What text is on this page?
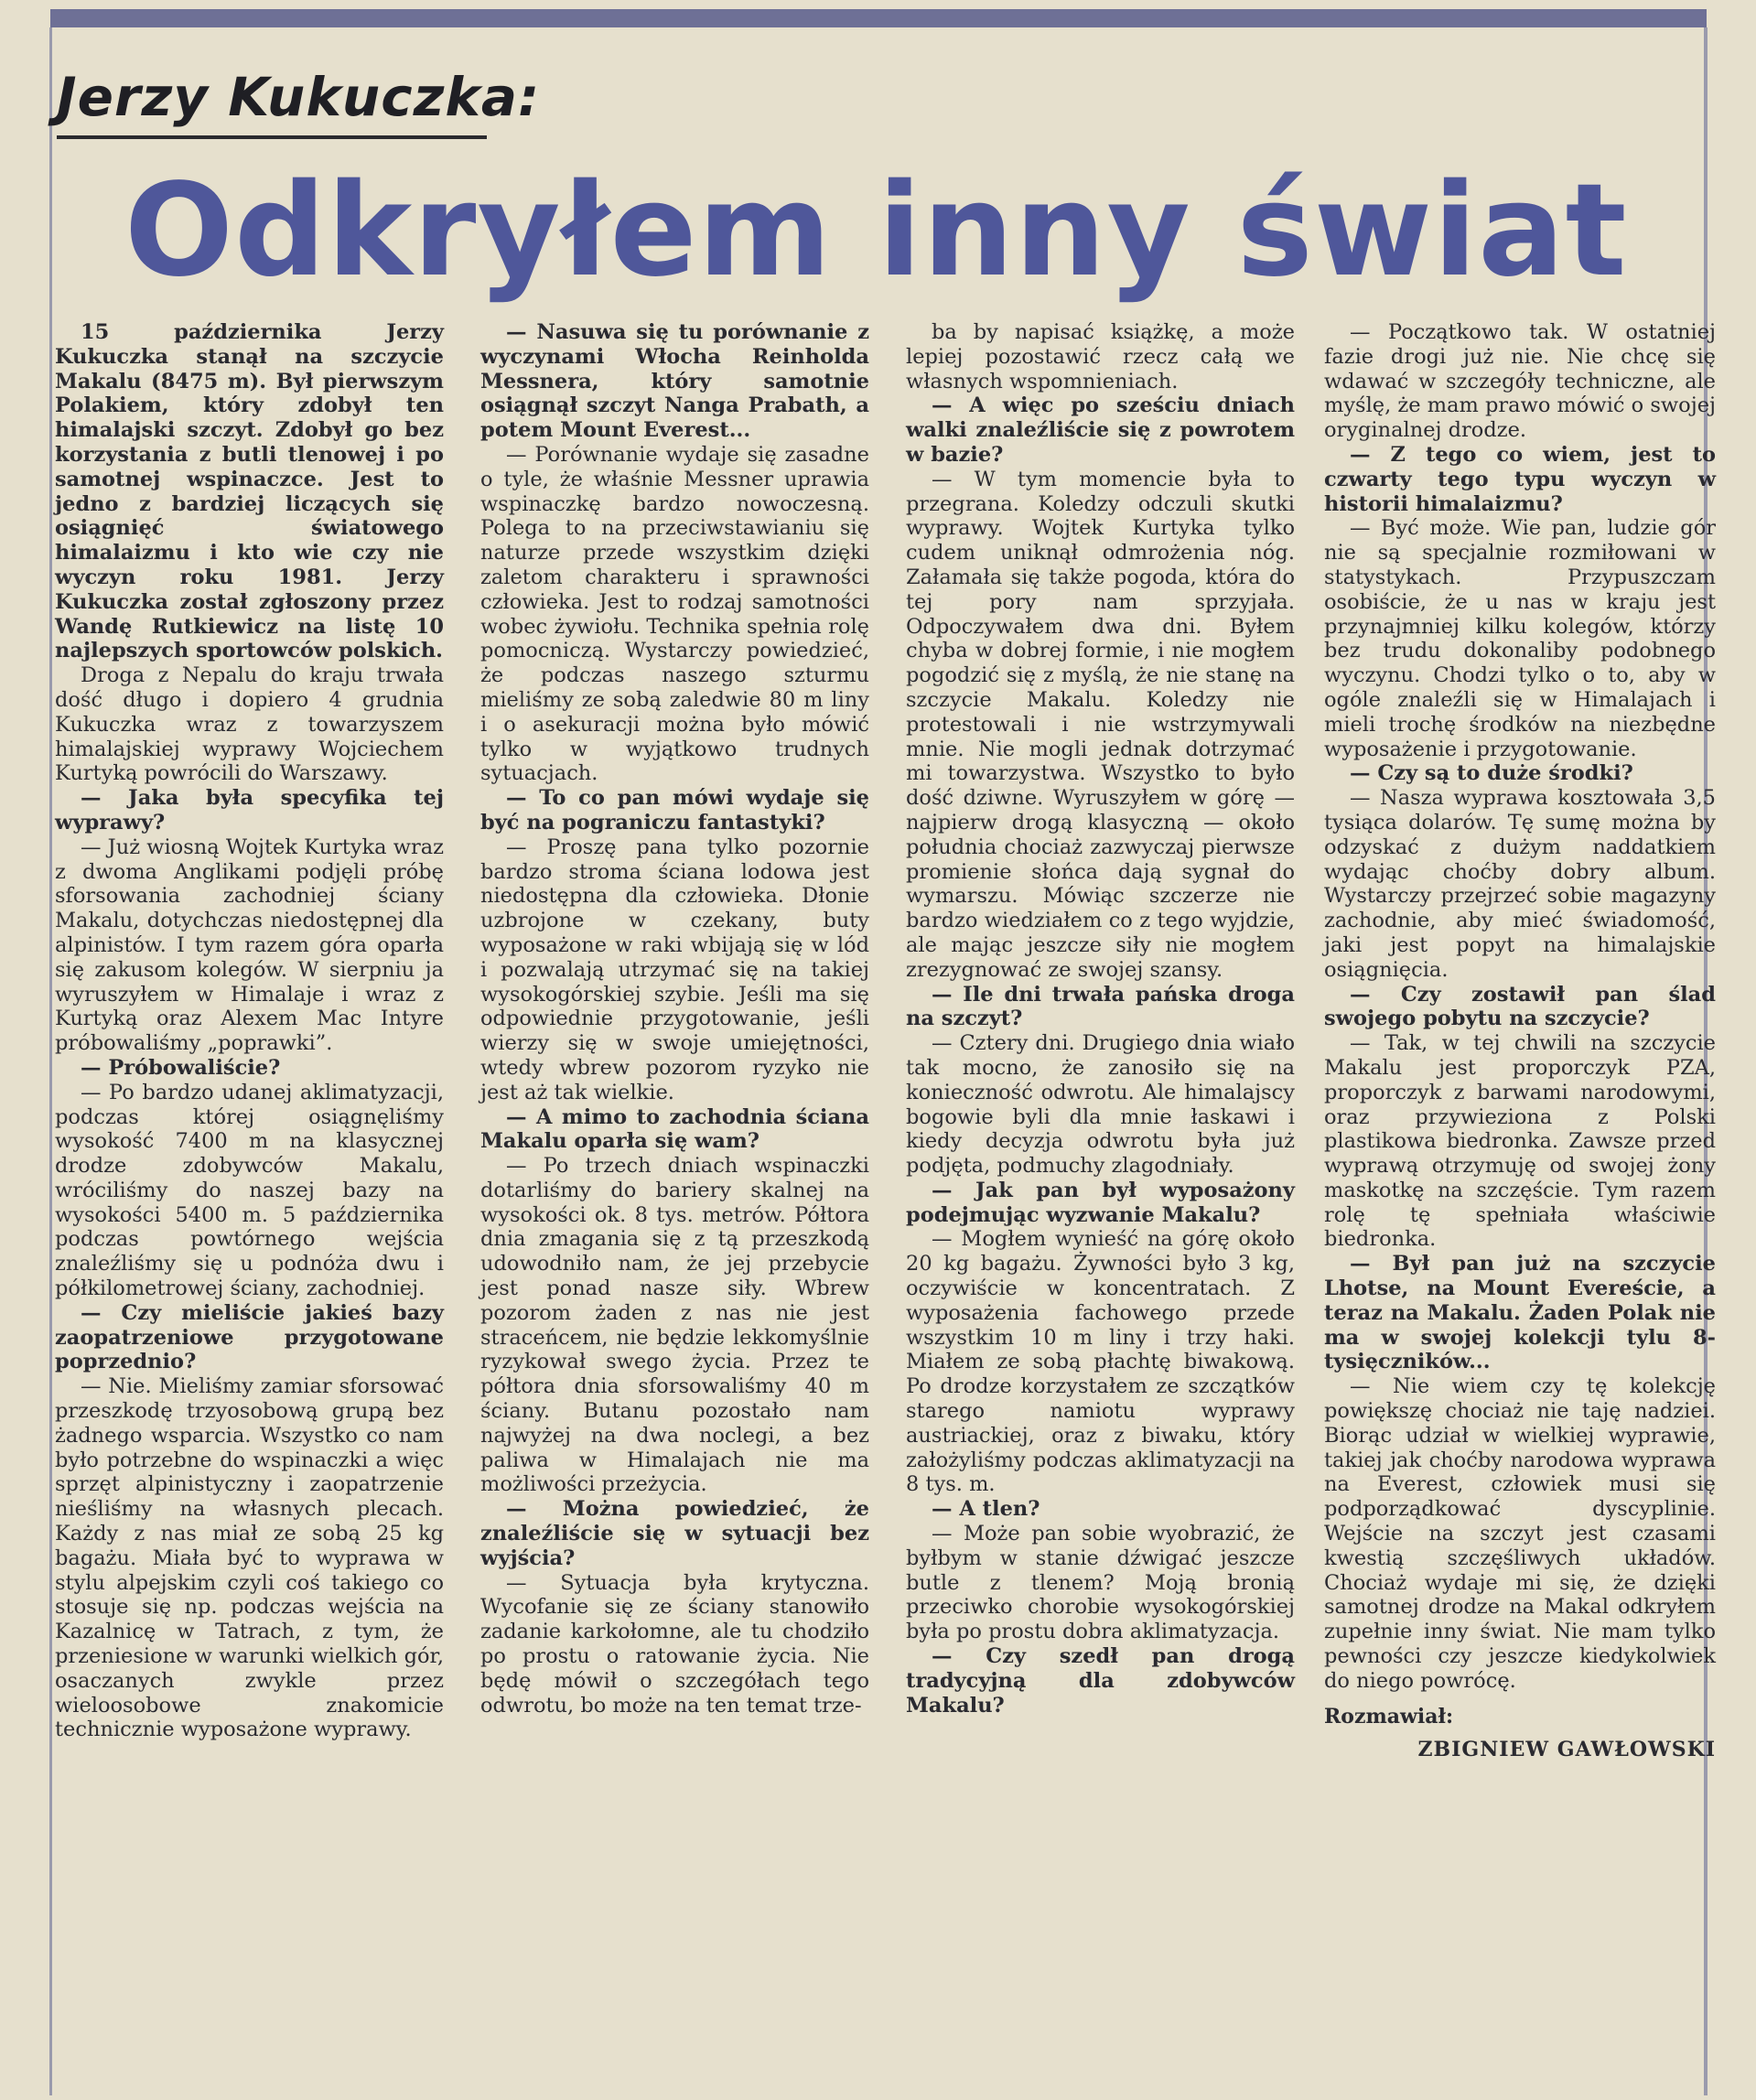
Jerzy Kukuczka:
Odkryłem inny świat

15 października Jerzy Kukuczka stanął na szczycie Makalu (8475 m). Był pierwszym Polakiem, który zdobył ten himalajski szczyt. Zdobył go bez korzystania z butli tlenowej i po samotnej wspinaczce. Jest to jedno z bardziej liczących się osiągnięć światowego himalaizmu i kto wie czy nie wyczyn roku 1981. Jerzy Kukuczka został zgłoszony przez Wandę Rutkiewicz na listę 10 najlepszych sportowców polskich.

Droga z Nepalu do kraju trwała dość długo i dopiero 4 grudnia Kukuczka wraz z towarzyszem himalajskiej wyprawy Wojciechem Kurtyką powrócili do Warszawy.

— Jaka była specyfika tej wyprawy?

— Już wiosną Wojtek Kurtyka wraz z dwoma Anglikami podjęli próbę sforsowania zachodniej ściany Makalu, dotychczas niedostępnej dla alpinistów. I tym razem góra oparła się zakusom kolegów. W sierpniu ja wyruszyłem w Himalaje i wraz z Kurtyką oraz Alexem Mac Intyre próbowaliśmy „poprawki”.

— Próbowaliście?

— Po bardzo udanej aklimatyzacji, podczas której osiągnęliśmy wysokość 7400 m na klasycznej drodze zdobywców Makalu, wróciliśmy do naszej bazy na wysokości 5400 m. 5 października podczas powtórnego wejścia znaleźliśmy się u podnóża dwu i półkilometrowej ściany, zachodniej.

— Czy mieliście jakieś bazy zaopatrzeniowe przygotowane poprzednio?

— Nie. Mieliśmy zamiar sforsować przeszkodę trzyosobową grupą bez żadnego wsparcia. Wszystko co nam było potrzebne do wspinaczki a więc sprzęt alpinistyczny i zaopatrzenie nieśliśmy na własnych plecach. Każdy z nas miał ze sobą 25 kg bagażu. Miała być to wyprawa w stylu alpejskim czyli coś takiego co stosuje się np. podczas wejścia na Kazalnicę w Tatrach, z tym, że przeniesione w warunki wielkich gór, osaczanych zwykle przez wieloosobowe znakomicie technicznie wyposażone wyprawy.

— Nasuwa się tu porównanie z wyczynami Włocha Reinholda Messnera, który samotnie osiągnął szczyt Nanga Prabath, a potem Mount Everest...

— Porównanie wydaje się zasadne o tyle, że właśnie Messner uprawia wspinaczkę bardzo nowoczesną. Polega to na przeciwstawianiu się naturze przede wszystkim dzięki zaletom charakteru i sprawności człowieka. Jest to rodzaj samotności wobec żywiołu. Technika spełnia rolę pomocniczą. Wystarczy powiedzieć, że podczas naszego szturmu mieliśmy ze sobą zaledwie 80 m liny i o asekuracji można było mówić tylko w wyjątkowo trudnych sytuacjach.

— To co pan mówi wydaje się być na pograniczu fantastyki?

— Proszę pana tylko pozornie bardzo stroma ściana lodowa jest niedostępna dla człowieka. Dłonie uzbrojone w czekany, buty wyposażone w raki wbijają się w lód i pozwalają utrzymać się na takiej wysokogórskiej szybie. Jeśli ma się odpowiednie przygotowanie, jeśli wierzy się w swoje umiejętności, wtedy wbrew pozorom ryzyko nie jest aż tak wielkie.

— A mimo to zachodnia ściana Makalu oparła się wam?

— Po trzech dniach wspinaczki dotarliśmy do bariery skalnej na wysokości ok. 8 tys. metrów. Półtora dnia zmagania się z tą przeszkodą udowodniło nam, że jej przebycie jest ponad nasze siły. Wbrew pozorom żaden z nas nie jest straceńcem, nie będzie lekkomyślnie ryzykował swego życia. Przez te półtora dnia sforsowaliśmy 40 m ściany. Butanu pozostało nam najwyżej na dwa noclegi, a bez paliwa w Himalajach nie ma możliwości przeżycia.

— Można powiedzieć, że znaleźliście się w sytuacji bez wyjścia?

— Sytuacja była krytyczna. Wycofanie się ze ściany stanowiło zadanie karkołomne, ale tu chodziło po prostu o ratowanie życia. Nie będę mówił o szczegółach tego odwrotu, bo może na ten temat trze-

ba by napisać książkę, a może lepiej pozostawić rzecz całą we własnych wspomnieniach.

— A więc po sześciu dniach walki znaleźliście się z powrotem w bazie?

— W tym momencie była to przegrana. Koledzy odczuli skutki wyprawy. Wojtek Kurtyka tylko cudem uniknął odmrożenia nóg. Załamała się także pogoda, która do tej pory nam sprzyjała. Odpoczywałem dwa dni. Byłem chyba w dobrej formie, i nie mogłem pogodzić się z myślą, że nie stanę na szczycie Makalu. Koledzy nie protestowali i nie wstrzymywali mnie. Nie mogli jednak dotrzymać mi towarzystwa. Wszystko to było dość dziwne. Wyruszyłem w górę — najpierw drogą klasyczną — około południa chociaż zazwyczaj pierwsze promienie słońca dają sygnał do wymarszu. Mówiąc szczerze nie bardzo wiedziałem co z tego wyjdzie, ale mając jeszcze siły nie mogłem zrezygnować ze swojej szansy.

— Ile dni trwała pańska droga na szczyt?

— Cztery dni. Drugiego dnia wiało tak mocno, że zanosiło się na konieczność odwrotu. Ale himalajscy bogowie byli dla mnie łaskawi i kiedy decyzja odwrotu była już podjęta, podmuchy zlagodniały.

— Jak pan był wyposażony podejmując wyzwanie Makalu?

— Mogłem wynieść na górę około 20 kg bagażu. Żywności było 3 kg, oczywiście w koncentratach. Z wyposażenia fachowego przede wszystkim 10 m liny i trzy haki. Miałem ze sobą płachtę biwakową. Po drodze korzystałem ze szczątków starego namiotu wyprawy austriackiej, oraz z biwaku, który założyliśmy podczas aklimatyzacji na 8 tys. m.

— A tlen?

— Może pan sobie wyobrazić, że byłbym w stanie dźwigać jeszcze butle z tlenem? Moją bronią przeciwko chorobie wysokogórskiej była po prostu dobra aklimatyzacja.

— Czy szedł pan drogą tradycyjną dla zdobywców Makalu?

— Początkowo tak. W ostatniej fazie drogi już nie. Nie chcę się wdawać w szczegóły techniczne, ale myślę, że mam prawo mówić o swojej oryginalnej drodze.

— Z tego co wiem, jest to czwarty tego typu wyczyn w historii himalaizmu?

— Być może. Wie pan, ludzie gór nie są specjalnie rozmiłowani w statystykach. Przypuszczam osobiście, że u nas w kraju jest przynajmniej kilku kolegów, którzy bez trudu dokonaliby podobnego wyczynu. Chodzi tylko o to, aby w ogóle znaleźli się w Himalajach i mieli trochę środków na niezbędne wyposażenie i przygotowanie.

— Czy są to duże środki?

— Nasza wyprawa kosztowała 3,5 tysiąca dolarów. Tę sumę można by odzyskać z dużym naddatkiem wydając choćby dobry album. Wystarczy przejrzeć sobie magazyny zachodnie, aby mieć świadomość, jaki jest popyt na himalajskie osiągnięcia.

— Czy zostawił pan ślad swojego pobytu na szczycie?

— Tak, w tej chwili na szczycie Makalu jest proporczyk PZA, proporczyk z barwami narodowymi, oraz przywieziona z Polski plastikowa biedronka. Zawsze przed wyprawą otrzymuję od swojej żony maskotkę na szczęście. Tym razem rolę tę spełniała właściwie biedronka.

— Był pan już na szczycie Lhotse, na Mount Evereście, a teraz na Makalu. Żaden Polak nie ma w swojej kolekcji tylu 8-tysięczników...

— Nie wiem czy tę kolekcję powiększę chociaż nie taję nadziei. Biorąc udział w wielkiej wyprawie, takiej jak choćby narodowa wyprawa na Everest, człowiek musi się podporządkować dyscyplinie. Wejście na szczyt jest czasami kwestią szczęśliwych układów. Chociaż wydaje mi się, że dzięki samotnej drodze na Makal odkryłem zupełnie inny świat. Nie mam tylko pewności czy jeszcze kiedykolwiek do niego powrócę.

Rozmawiał:
ZBIGNIEW GAWŁOWSKI
